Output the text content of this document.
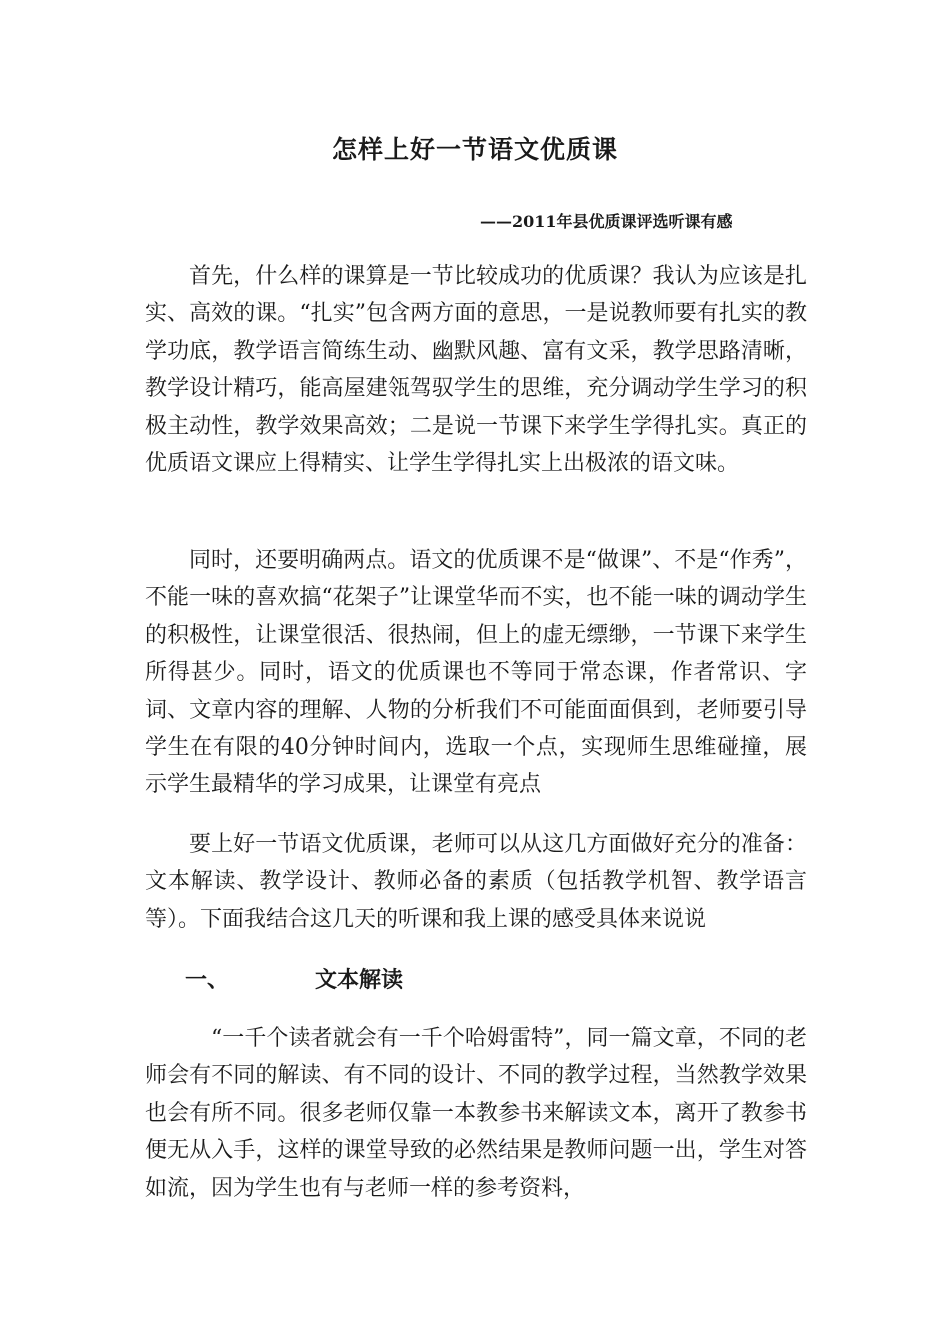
怎样上好一节语文优质课
——2011年县优质课评选听课有感
首先，什么样的课算是一节比较成功的优质课？我认为应该是扎实、高效的课。“扎实”包含两方面的意思，一是说教师要有扎实的教学功底，教学语言简练生动、幽默风趣、富有文采，教学思路清晰，教学设计精巧，能高屋建瓴驾驭学生的思维，充分调动学生学习的积极主动性，教学效果高效；二是说一节课下来学生学得扎实。真正的优质语文课应上得精实、让学生学得扎实上出极浓的语文味。
同时，还要明确两点。语文的优质课不是“做课”、不是“作秀”，不能一味的喜欢搞“花架子”让课堂华而不实，也不能一味的调动学生的积极性，让课堂很活、很热闹，但上的虚无缥缈，一节课下来学生所得甚少。同时，语文的优质课也不等同于常态课，作者常识、字词、文章内容的理解、人物的分析我们不可能面面俱到，老师要引导学生在有限的40分钟时间内，选取一个点，实现师生思维碰撞，展示学生最精华的学习成果，让课堂有亮点
要上好一节语文优质课，老师可以从这几方面做好充分的准备：文本解读、教学设计、教师必备的素质（包括教学机智、教学语言等）。下面我结合这几天的听课和我上课的感受具体来说说
一、	文本解读
“一千个读者就会有一千个哈姆雷特”，同一篇文章，不同的老师会有不同的解读、有不同的设计、不同的教学过程，当然教学效果也会有所不同。很多老师仅靠一本教参书来解读文本，离开了教参书便无从入手，这样的课堂导致的必然结果是教师问题一出，学生对答如流，因为学生也有与老师一样的参考资料，
